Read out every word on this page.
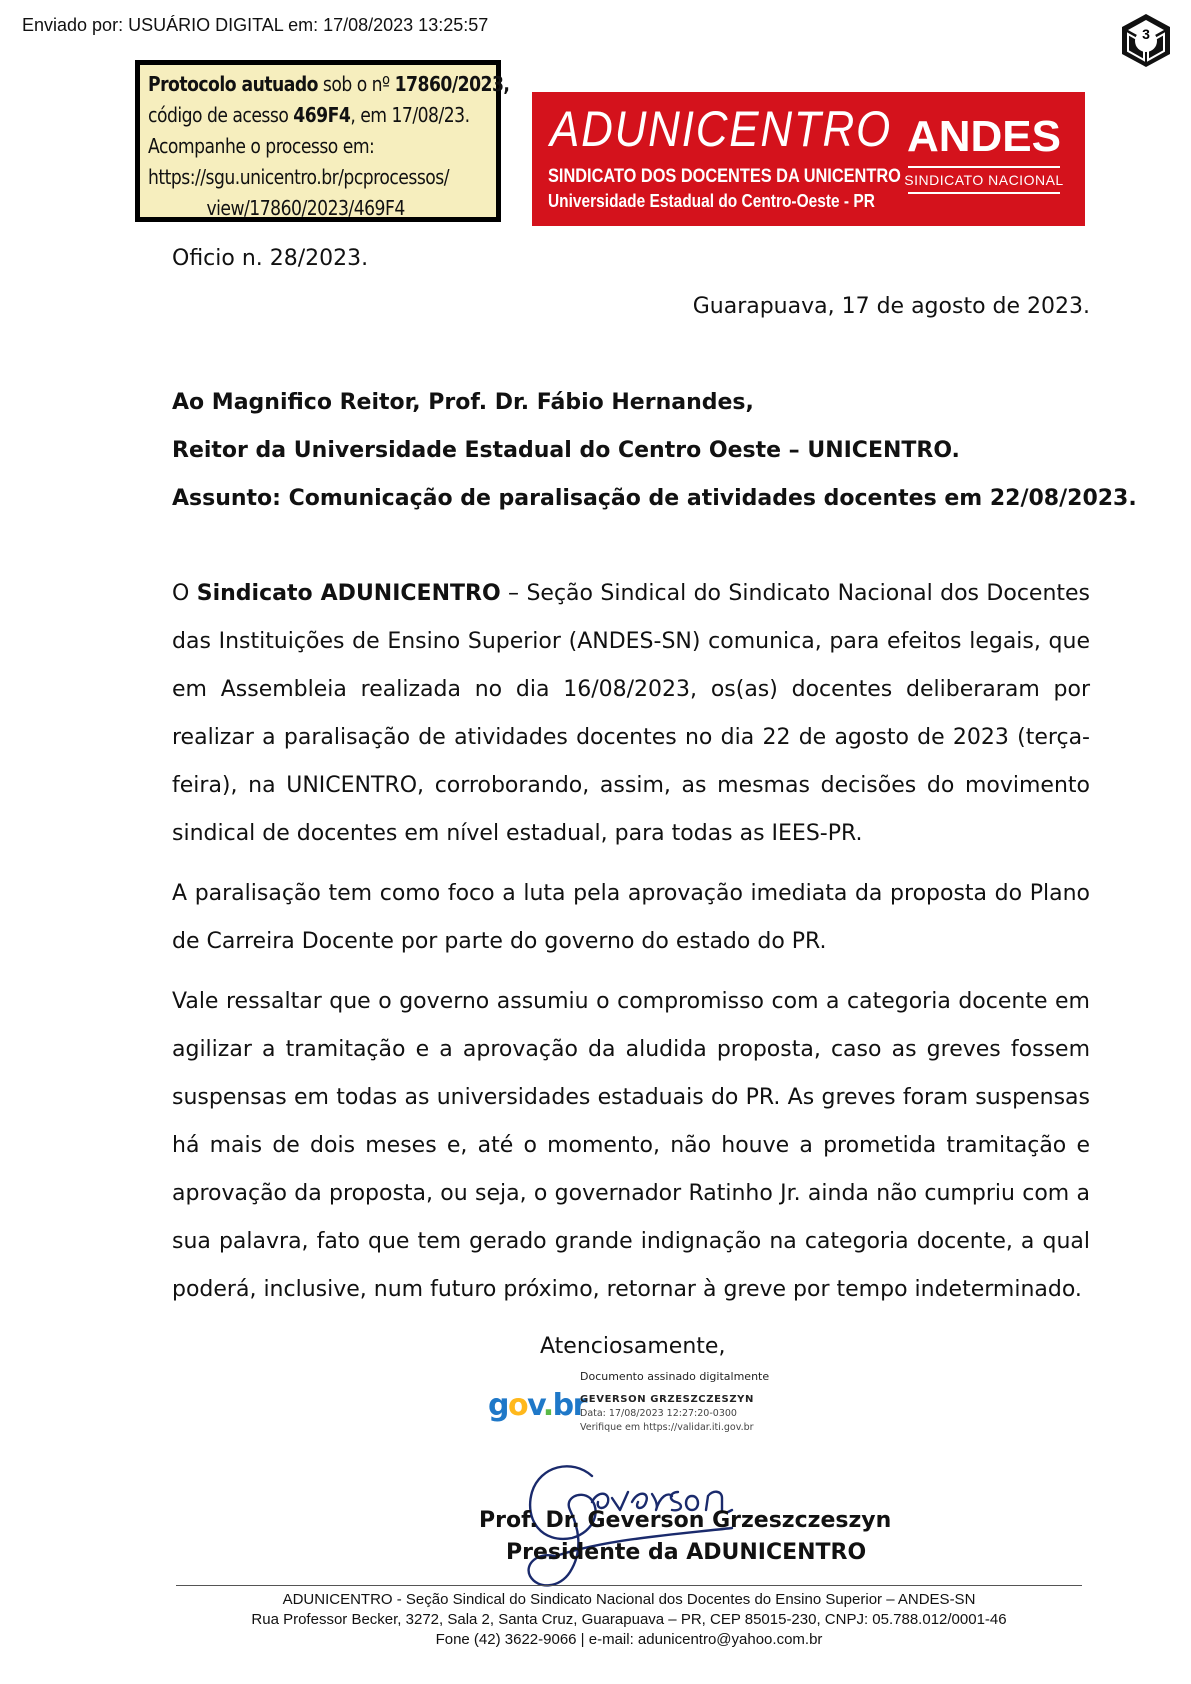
Enviado por: USUÁRIO DIGITAL em: 17/08/2023 13:25:57	3

Protocolo autuado sob o nº 17860/2023,

código de acesso 469F4, em 17/08/23.

Acompanhe o processo em:

https://sgu.unicentro.br/pcprocessos/

view/17860/2023/469F4

ADUNICENTRO
SINDICATO DOS DOCENTES DA UNICENTRO
Universidade Estadual do Centro-Oeste - PR
ANDES
SINDICATO NACIONAL
Oficio n. 28/2023.
Guarapuava, 17 de agosto de 2023.
Ao Magnifico Reitor, Prof. Dr. Fábio Hernandes,
Reitor da Universidade Estadual do Centro Oeste – UNICENTRO.
Assunto: Comunicação de paralisação de atividades docentes em 22/08/2023.

O Sindicato ADUNICENTRO – Seção Sindical do Sindicato Nacional dos Docentes das Instituições de Ensino Superior (ANDES-SN) comunica, para efeitos legais, que em Assembleia realizada no dia 16/08/2023, os(as) docentes deliberaram por realizar a paralisação de atividades docentes no dia 22 de agosto de 2023 (terça-feira), na UNICENTRO, corroborando, assim, as mesmas decisões do movimento sindical de docentes em nível estadual, para todas as IEES-PR.

A paralisação tem como foco a luta pela aprovação imediata da proposta do Plano de Carreira Docente por parte do governo do estado do PR.

Vale ressaltar que o governo assumiu o compromisso com a categoria docente em agilizar a tramitação e a aprovação da aludida proposta, caso as greves fossem suspensas em todas as universidades estaduais do PR. As greves foram suspensas há mais de dois meses e, até o momento, não houve a prometida tramitação e aprovação da proposta, ou seja, o governador Ratinho Jr. ainda não cumpriu com a sua palavra, fato que tem gerado grande indignação na categoria docente, a qual poderá, inclusive, num futuro próximo, retornar à greve por tempo indeterminado.

Atenciosamente,
gov.br
Documento assinado digitalmente
GEVERSON GRZESZCZESZYN
Data: 17/08/2023 12:27:20-0300
Verifique em https://validar.iti.gov.br
Prof. Dr. Geverson Grzeszczeszyn
Presidente da ADUNICENTRO
ADUNICENTRO - Seção Sindical do Sindicato Nacional dos Docentes do Ensino Superior – ANDES-SN
Rua Professor Becker, 3272, Sala 2, Santa Cruz, Guarapuava – PR, CEP 85015-230, CNPJ: 05.788.012/0001-46
Fone (42) 3622-9066 | e-mail: adunicentro@yahoo.com.br
